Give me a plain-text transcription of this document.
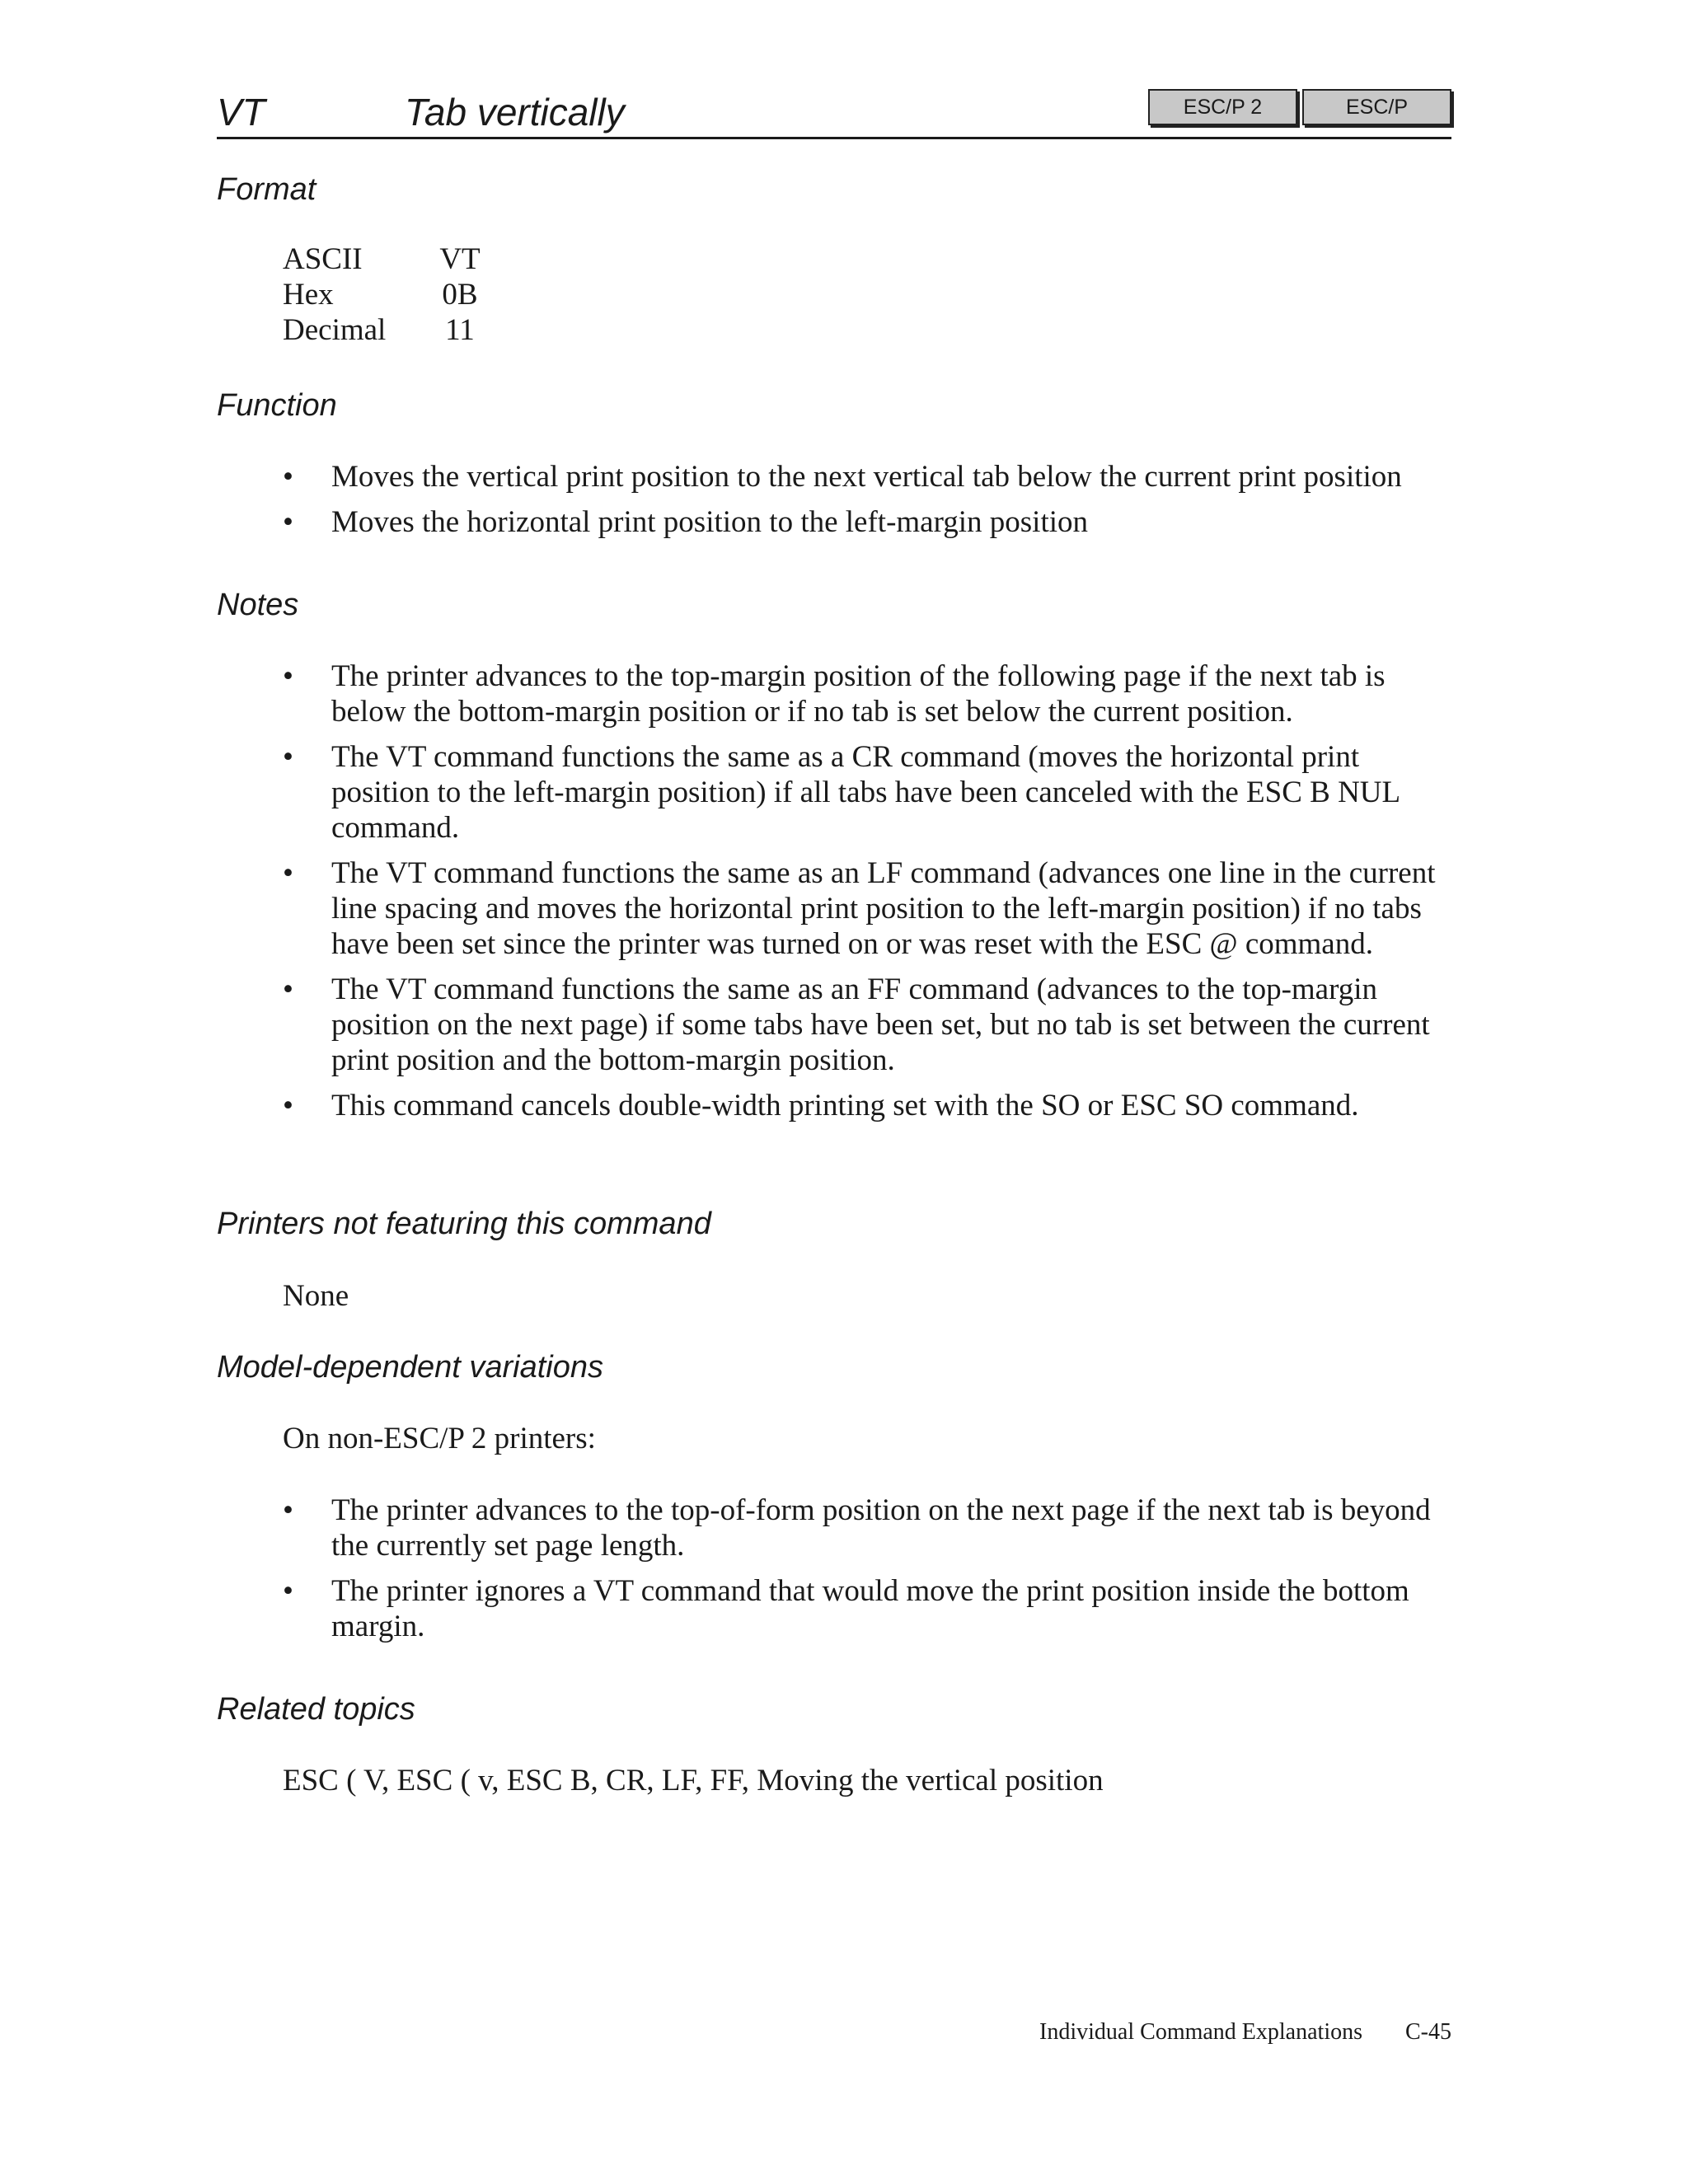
VT	Tab vertically	ESC/P 2	ESC/P
Format
ASCII	VT
Hex	0B
Decimal	11
Function
• Moves the vertical print position to the next vertical tab below the current print position
• Moves the horizontal print position to the left-margin position
Notes
• The printer advances to the top-margin position of the following page if the next tab is below the bottom-margin position or if no tab is set below the current position.
• The VT command functions the same as a CR command (moves the horizontal print position to the left-margin position) if all tabs have been canceled with the ESC B NUL command.
• The VT command functions the same as an LF command (advances one line in the current line spacing and moves the horizontal print position to the left-margin position) if no tabs have been set since the printer was turned on or was reset with the ESC @ command.
• The VT command functions the same as an FF command (advances to the top-margin position on the next page) if some tabs have been set, but no tab is set between the current print position and the bottom-margin position.
• This command cancels double-width printing set with the SO or ESC SO command.
Printers not featuring this command
None
Model-dependent variations
On non-ESC/P 2 printers:
• The printer advances to the top-of-form position on the next page if the next tab is beyond the currently set page length.
• The printer ignores a VT command that would move the print position inside the bottom margin.
Related topics
ESC ( V, ESC ( v, ESC B, CR, LF, FF, Moving the vertical position
Individual Command Explanations C-45
